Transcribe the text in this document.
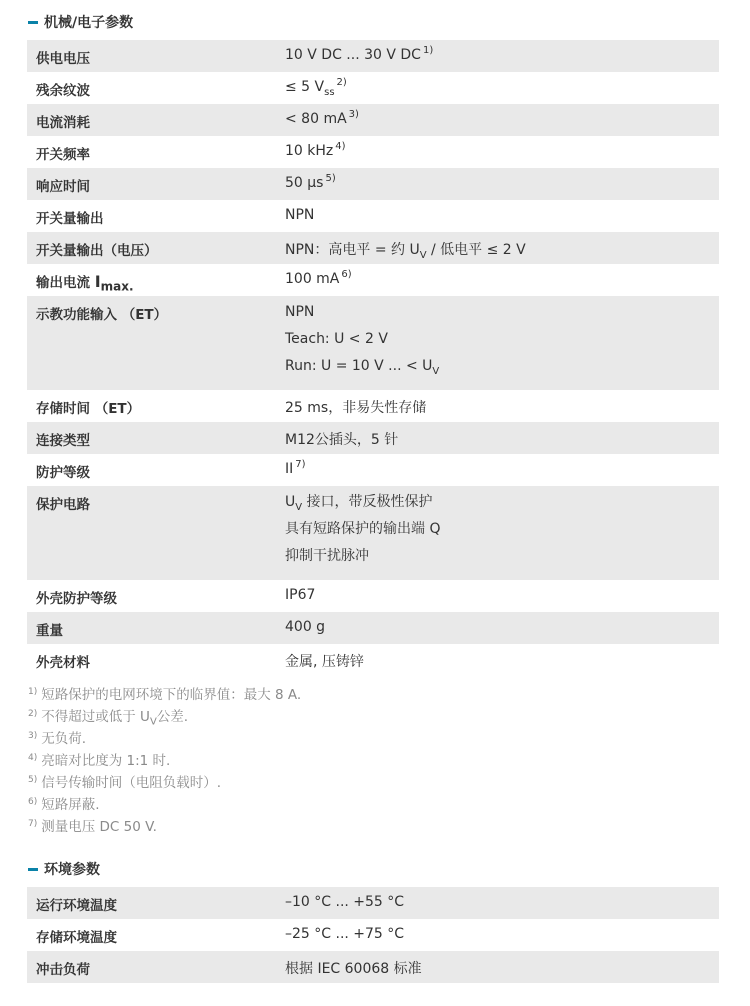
机械/电子参数
供电电压	10 V DC ... 30 V DC $^{1)}$

残余纹波	≤ 5 $V_{ss}^{2)}$

电流消耗	< 80 mA $^{3)}$

开关频率	10 kHz $^{4)}$

响应时间	50 µs $^{5)}$

开关量输出	NPN

开关量输出（电压）	NPN：高电平 = 约 $U_V$ / 低电平 ≤ 2 V

输出电流 $I_{max.}$	100 mA $^{6)}$

示教功能输入 （ET）	NPN
Teach: U < 2 V
Run: U = 10 V ... < $U_V$

存储时间 （ET）	25 ms，非易失性存储

连接类型	M12公插头，5 针

防护等级	II $^{7)}$

保护电路	$U_V$ 接口，带反极性保护
具有短路保护的输出端 Q
抑制干扰脉冲

外壳防护等级	IP67

重量	400 g

外壳材料	金属, 压铸锌
$^{1)}$ 短路保护的电网环境下的临界值：最大 8 A.
$^{2)}$ 不得超过或低于 $U_V$公差.
$^{3)}$ 无负荷.
$^{4)}$ 亮暗对比度为 1:1 时.
$^{5)}$ 信号传输时间（电阻负载时）.
$^{6)}$ 短路屏蔽.
$^{7)}$ 测量电压 DC 50 V.
环境参数
运行环境温度	–10 °C ... +55 °C

存储环境温度	–25 °C ... +75 °C

冲击负荷	根据 IEC 60068 标准
